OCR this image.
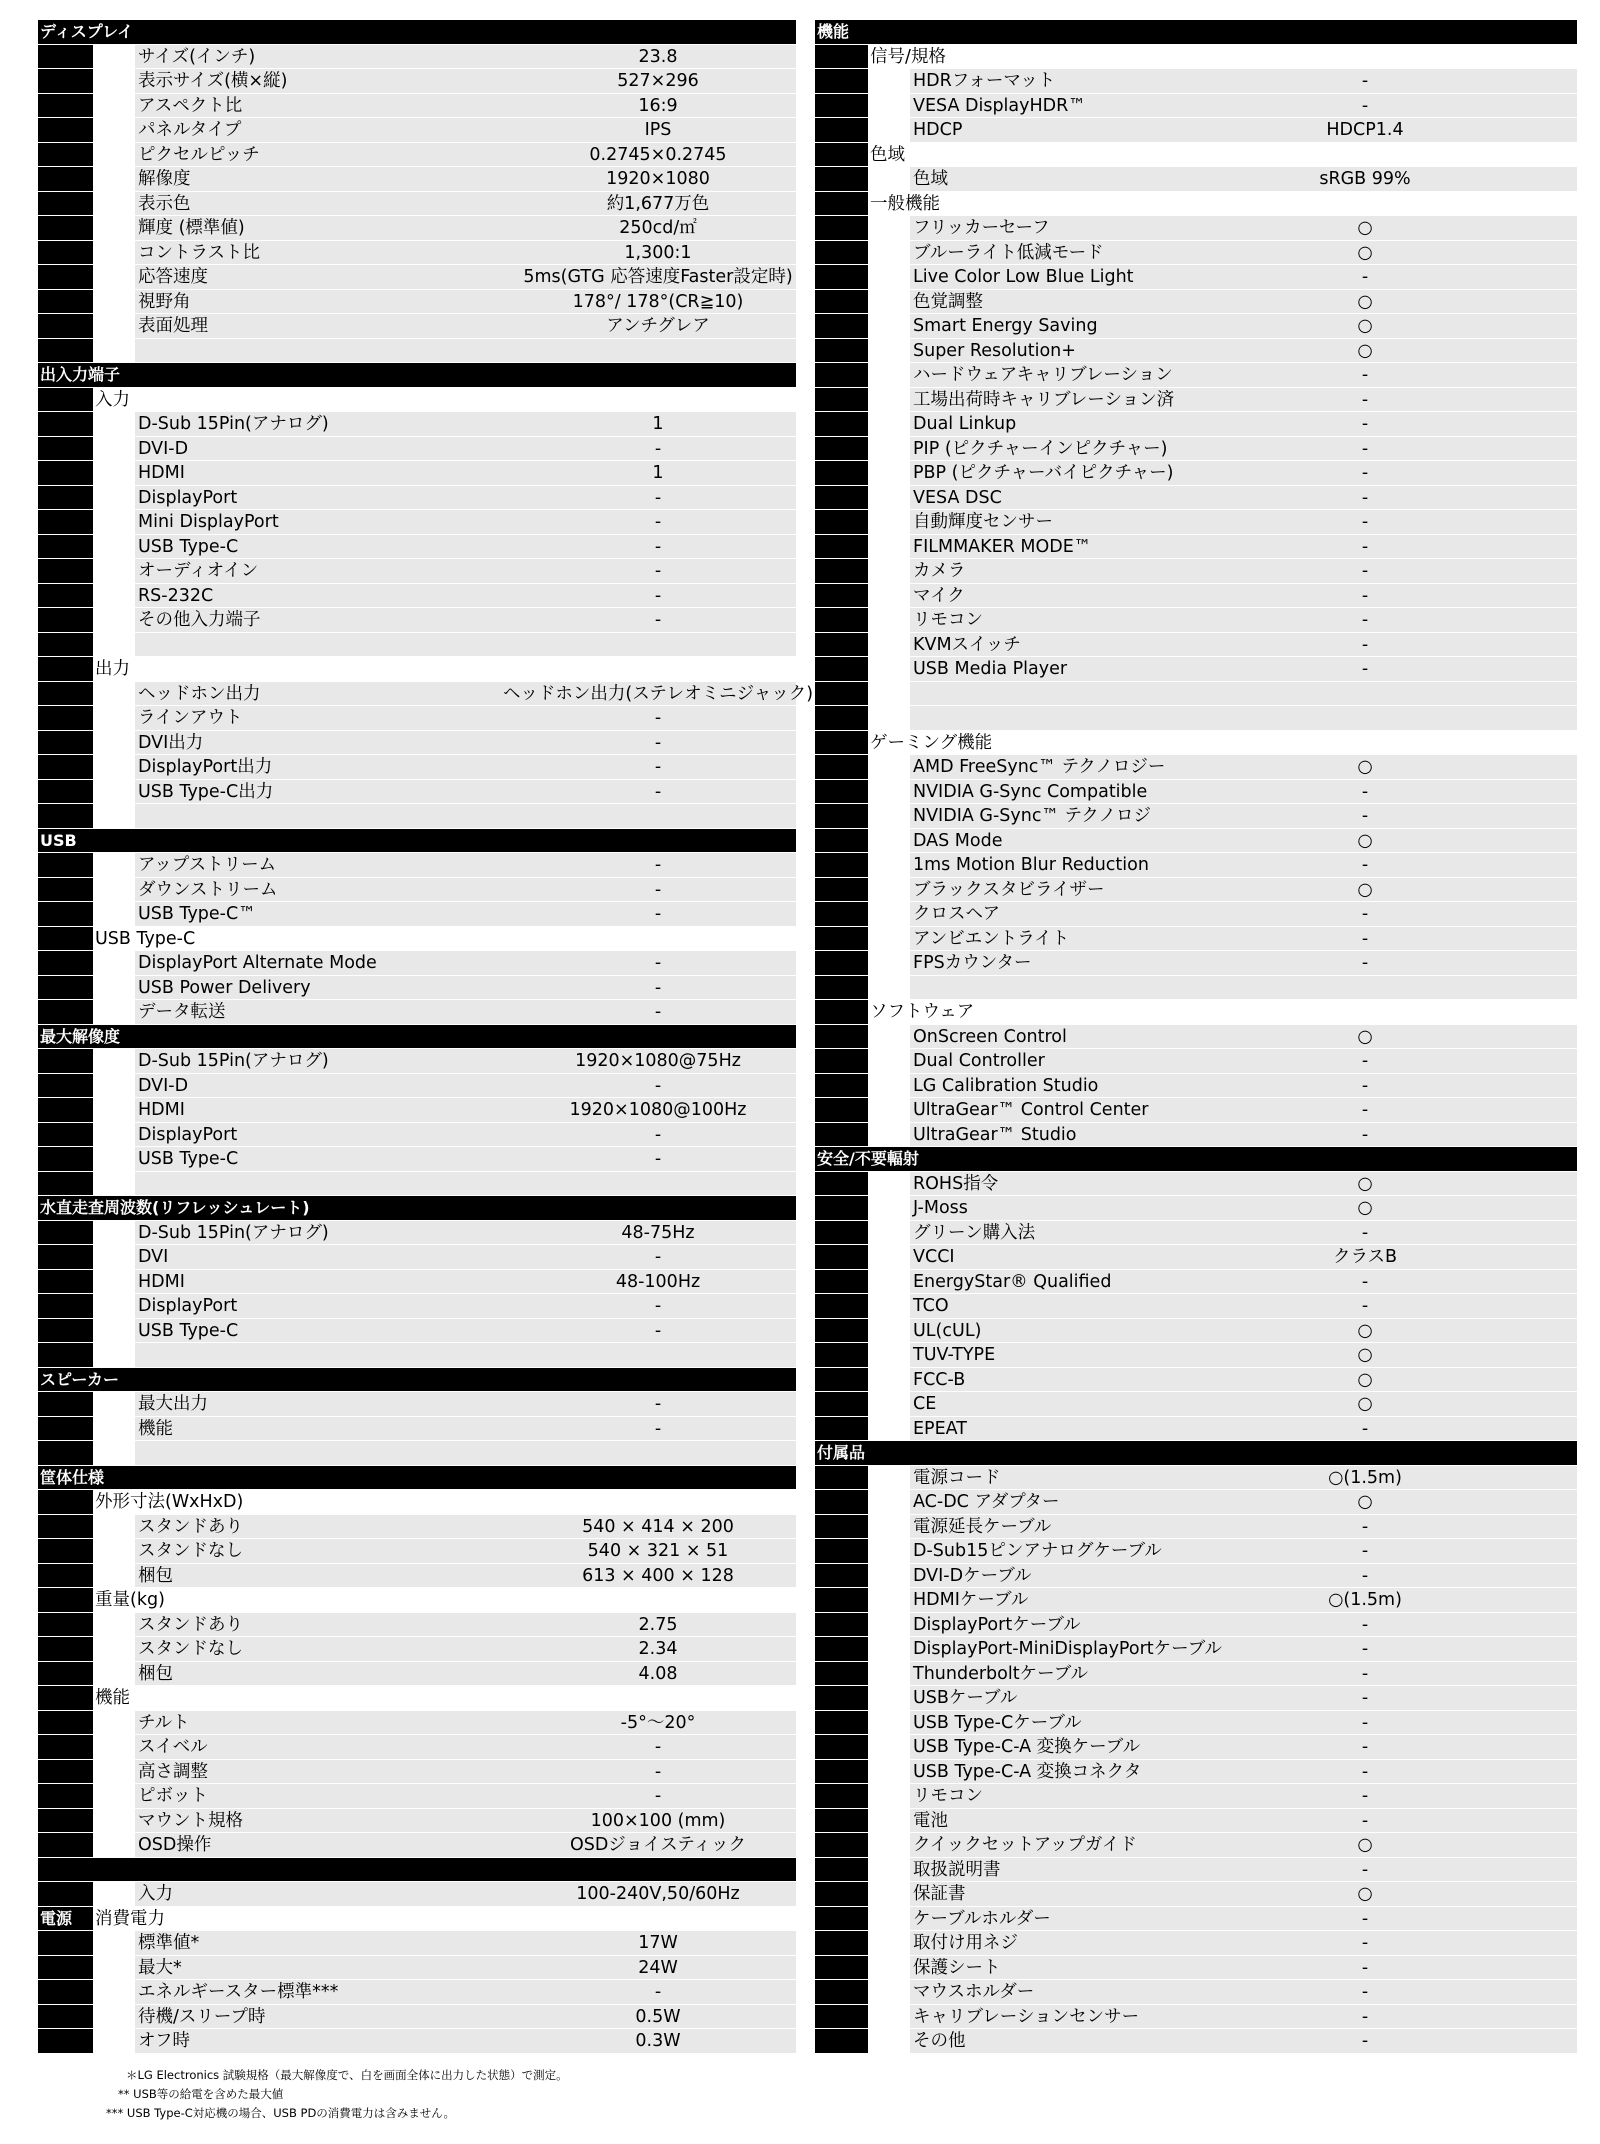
ディスプレイ
サイズ(インチ)	23.8
表示サイズ(横×縦)	527×296
アスペクト比	16:9
パネルタイプ	IPS
ピクセルピッチ	0.2745×0.2745
解像度	1920×1080
表示色	約1,677万色
輝度 (標準値)	250cd/㎡
コントラスト比	1,300:1
応答速度	5ms(GTG 応答速度Faster設定時)
視野角	178°/ 178°(CR≧10)
表面処理	アンチグレア
出入力端子
入力
D-Sub 15Pin(アナログ)	1
DVI-D	-
HDMI	1
DisplayPort	-
Mini DisplayPort	-
USB Type-C	-
オーディオイン	-
RS-232C	-
その他入力端子	-
出力
ヘッドホン出力	ヘッドホン出力(ステレオミニジャック)
ラインアウト	-
DVI出力	-
DisplayPort出力	-
USB Type-C出力	-
USB
アップストリーム	-
ダウンストリーム	-
USB Type-C™	-
USB Type-C
DisplayPort Alternate Mode	-
USB Power Delivery	-
データ転送	-
最大解像度
D-Sub 15Pin(アナログ)	1920×1080@75Hz
DVI-D	-
HDMI	1920×1080@100Hz
DisplayPort	-
USB Type-C	-
水直走査周波数(リフレッシュレート)
D-Sub 15Pin(アナログ)	48-75Hz
DVI	-
HDMI	48-100Hz
DisplayPort	-
USB Type-C	-
スピーカー
最大出力	-
機能	-
筐体仕様
外形寸法(WxHxD)
スタンドあり	540 × 414 × 200
スタンドなし	540 × 321 × 51
梱包	613 × 400 × 128
重量(kg)
スタンドあり	2.75
スタンドなし	2.34
梱包	4.08
機能
チルト	-5°～20°
スイベル	-
高さ調整	-
ピボット	-
マウント規格	100×100 (mm)
OSD操作	OSDジョイスティック
入力	100-240V,50/60Hz
消費電力
電源
標準値*	17W
最大*	24W
エネルギースター標準***	-
待機/スリープ時	0.5W
オフ時	0.3W
機能
信号/規格
HDRフォーマット	-
VESA DisplayHDR™	-
HDCP	HDCP1.4
色域
色域	sRGB 99%
一般機能
フリッカーセーフ	○
ブルーライト低減モード	○
Live Color Low Blue Light	-
色覚調整	○
Smart Energy Saving	○
Super Resolution+	○
ハードウェアキャリブレーション	-
工場出荷時キャリブレーション済	-
Dual Linkup	-
PIP (ピクチャーインピクチャー)	-
PBP (ピクチャーバイピクチャー)	-
VESA DSC	-
自動輝度センサー	-
FILMMAKER MODE™	-
カメラ	-
マイク	-
リモコン	-
KVMスイッチ	-
USB Media Player	-
ゲーミング機能
AMD FreeSync™ テクノロジー	○
NVIDIA G-Sync Compatible	-
NVIDIA G-Sync™ テクノロジ	-
DAS Mode	○
1ms Motion Blur Reduction	-
ブラックスタビライザー	○
クロスヘア	-
アンビエントライト	-
FPSカウンター	-
ソフトウェア
OnScreen Control	○
Dual Controller	-
LG Calibration Studio	-
UltraGear™ Control Center	-
UltraGear™ Studio	-
安全/不要輻射
ROHS指令	○
J-Moss	○
グリーン購入法	-
VCCI	クラスB
EnergyStar® Qualified	-
TCO	-
UL(cUL)	○
TUV-TYPE	○
FCC-B	○
CE	○
EPEAT	-
付属品
電源コード	○(1.5m)
AC-DC アダプター	○
電源延長ケーブル	-
D-Sub15ピンアナログケーブル	-
DVI-Dケーブル	-
HDMIケーブル	○(1.5m)
DisplayPortケーブル	-
DisplayPort-MiniDisplayPortケーブル	-
Thunderboltケーブル	-
USBケーブル	-
USB Type-Cケーブル	-
USB Type-C-A 変換ケーブル	-
USB Type-C-A 変換コネクタ	-
リモコン	-
電池	-
クイックセットアップガイド	○
取扱説明書	-
保証書	○
ケーブルホルダー	-
取付け用ネジ	-
保護シート	-
マウスホルダー	-
キャリブレーションセンサー	-
その他	-
＊LG Electronics 試験規格（最大解像度で、白を画面全体に出力した状態）で測定。
** USB等の給電を含めた最大値
*** USB Type-C対応機の場合、USB PDの消費電力は含みません。
